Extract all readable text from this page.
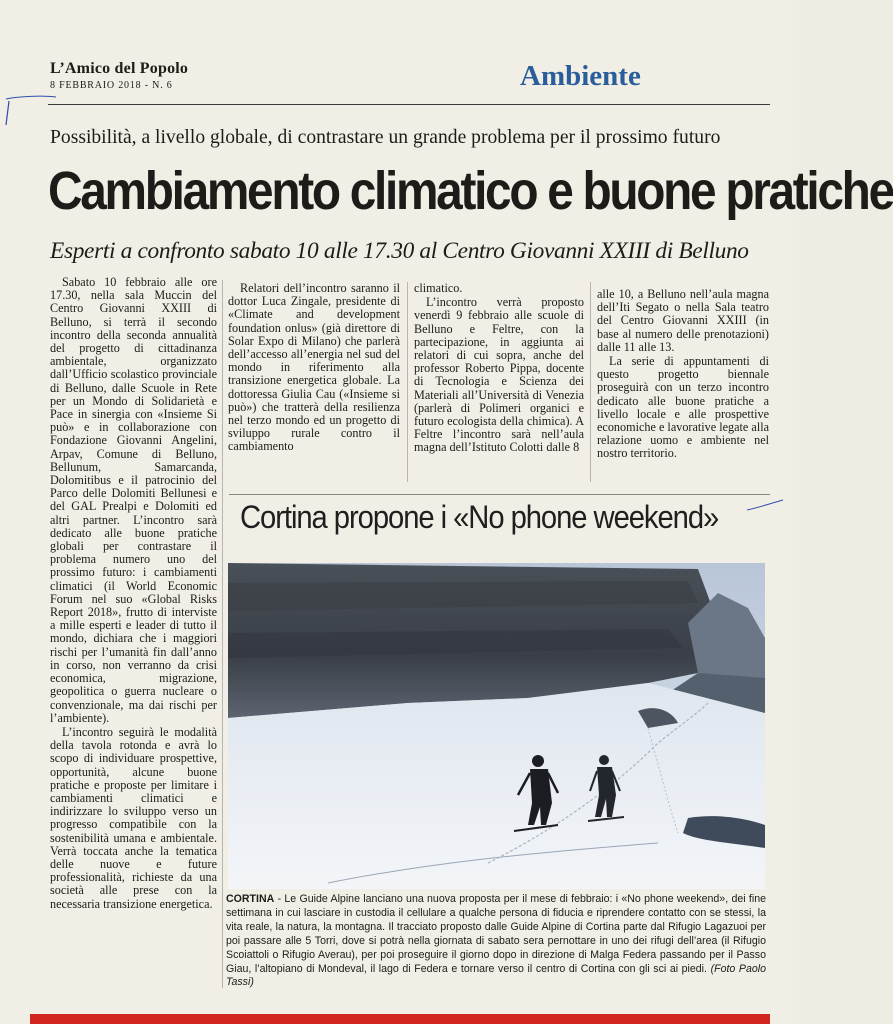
L’Amico del Popolo
8 FEBBRAIO 2018 - N. 6	Ambiente
Possibilità, a livello globale, di contrastare un grande problema per il prossimo futuro
Cambiamento climatico e buone pratiche
Esperti a confronto sabato 10 alle 17.30 al Centro Giovanni XXIII di Belluno

Sabato 10 febbraio alle ore 17.30, nella sala Muccin del Centro Giovanni XXIII di Belluno, si terrà il secondo incontro della seconda annualità del progetto di cittadinanza ambientale, organizzato dall’Ufficio scolastico provinciale di Belluno, dalle Scuole in Rete per un Mondo di Solidarietà e Pace in sinergia con «Insieme Si può» e in collaborazione con Fondazione Giovanni Angelini, Arpav, Comune di Belluno, Bellunum, Samarcanda, Dolomitibus e il patrocinio del Parco delle Dolomiti Bellunesi e del GAL Prealpi e Dolomiti ed altri partner. L’incontro sarà dedicato alle buone pratiche globali per contrastare il problema numero uno del prossimo futuro: i cambiamenti climatici (il World Economic Forum nel suo «Global Risks Report 2018», frutto di interviste a mille esperti e leader di tutto il mondo, dichiara che i maggiori rischi per l’umanità fin dall’anno in corso, non verranno da crisi economica, migrazione, geopolitica o guerra nucleare o convenzionale, ma dai rischi per l’ambiente).

L’incontro seguirà le modalità della tavola rotonda e avrà lo scopo di individuare prospettive, opportunità, alcune buone pratiche e proposte per limitare i cambiamenti climatici e indirizzare lo sviluppo verso un progresso compatibile con la sostenibilità umana e ambientale. Verrà toccata anche la tematica delle nuove e future professionalità, richieste da una società alle prese con la necessaria transizione energetica.

Relatori dell’incontro saranno il dottor Luca Zingale, presidente di «Climate and development foundation onlus» (già direttore di Solar Expo di Milano) che parlerà dell’accesso all’energia nel sud del mondo in riferimento alla transizione energetica globale. La dottoressa Giulia Cau («Insieme si può») che tratterà della resilienza nel terzo mondo ed un progetto di sviluppo rurale contro il cambiamento

climatico.

L’incontro verrà proposto venerdì 9 febbraio alle scuole di Belluno e Feltre, con la partecipazione, in aggiunta ai relatori di cui sopra, anche del professor Roberto Pippa, docente di Tecnologia e Scienza dei Materiali all’Università di Venezia (parlerà di Polimeri organici e futuro ecologista della chimica). A Feltre l’incontro sarà nell’aula magna dell’Istituto Colotti dalle 8

alle 10, a Belluno nell’aula magna dell’Iti Segato o nella Sala teatro del Centro Giovanni XXIII (in base al numero delle prenotazioni) dalle 11 alle 13.

La serie di appuntamenti di questo progetto biennale proseguirà con un terzo incontro dedicato alle buone pratiche a livello locale e alle prospettive economiche e lavorative legate alla relazione uomo e ambiente nel nostro territorio.

Cortina propone i «No phone weekend»
CORTINA - Le Guide Alpine lanciano una nuova proposta per il mese di febbraio: i «No phone weekend», dei fine settimana in cui lasciare in custodia il cellulare a qualche persona di fiducia e riprendere contatto con se stessi, la vita reale, la natura, la montagna. Il tracciato proposto dalle Guide Alpine di Cortina parte dal Rifugio Lagazuoi per poi passare alle 5 Torri, dove si potrà nella giornata di sabato sera pernottare in uno dei rifugi dell’area (il Rifugio Scoiattoli o Rifugio Averau), per poi proseguire il giorno dopo in direzione di Malga Federa passando per il Passo Giau, l’altopiano di Mondeval, il lago di Federa e tornare verso il centro di Cortina con gli sci ai piedi. (Foto Paolo Tassi)
